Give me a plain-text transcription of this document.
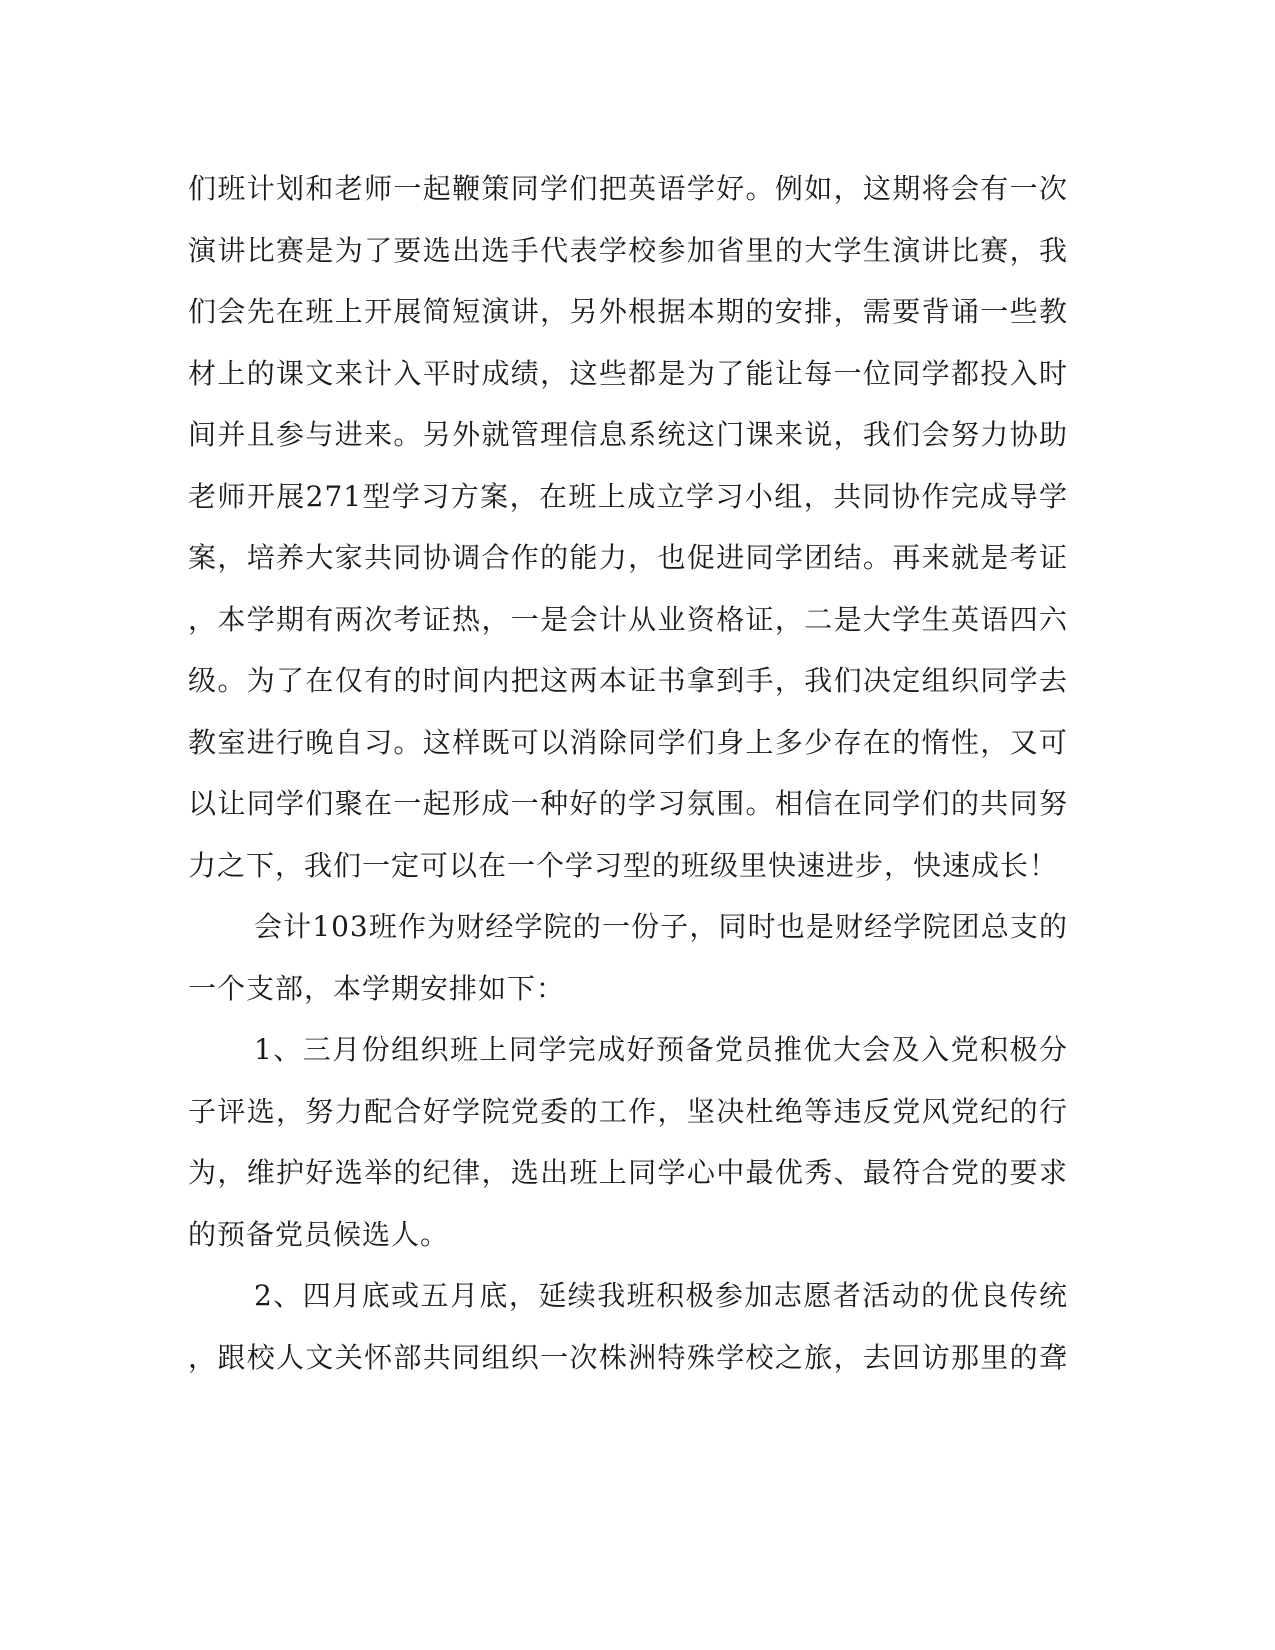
们班计划和老师一起鞭策同学们把英语学好。例如，这期将会有一次
演讲比赛是为了要选出选手代表学校参加省里的大学生演讲比赛，我
们会先在班上开展简短演讲，另外根据本期的安排，需要背诵一些教
材上的课文来计入平时成绩，这些都是为了能让每一位同学都投入时
间并且参与进来。另外就管理信息系统这门课来说，我们会努力协助
老师开展271型学习方案，在班上成立学习小组，共同协作完成导学
案，培养大家共同协调合作的能力，也促进同学团结。再来就是考证
，本学期有两次考证热，一是会计从业资格证，二是大学生英语四六
级。为了在仅有的时间内把这两本证书拿到手，我们决定组织同学去
教室进行晚自习。这样既可以消除同学们身上多少存在的惰性，又可
以让同学们聚在一起形成一种好的学习氛围。相信在同学们的共同努
力之下，我们一定可以在一个学习型的班级里快速进步，快速成长！
会计103班作为财经学院的一份子，同时也是财经学院团总支的
一个支部，本学期安排如下：
1、三月份组织班上同学完成好预备党员推优大会及入党积极分
子评选，努力配合好学院党委的工作，坚决杜绝等违反党风党纪的行
为，维护好选举的纪律，选出班上同学心中最优秀、最符合党的要求
的预备党员候选人。
2、四月底或五月底，延续我班积极参加志愿者活动的优良传统
，跟校人文关怀部共同组织一次株洲特殊学校之旅，去回访那里的聋
